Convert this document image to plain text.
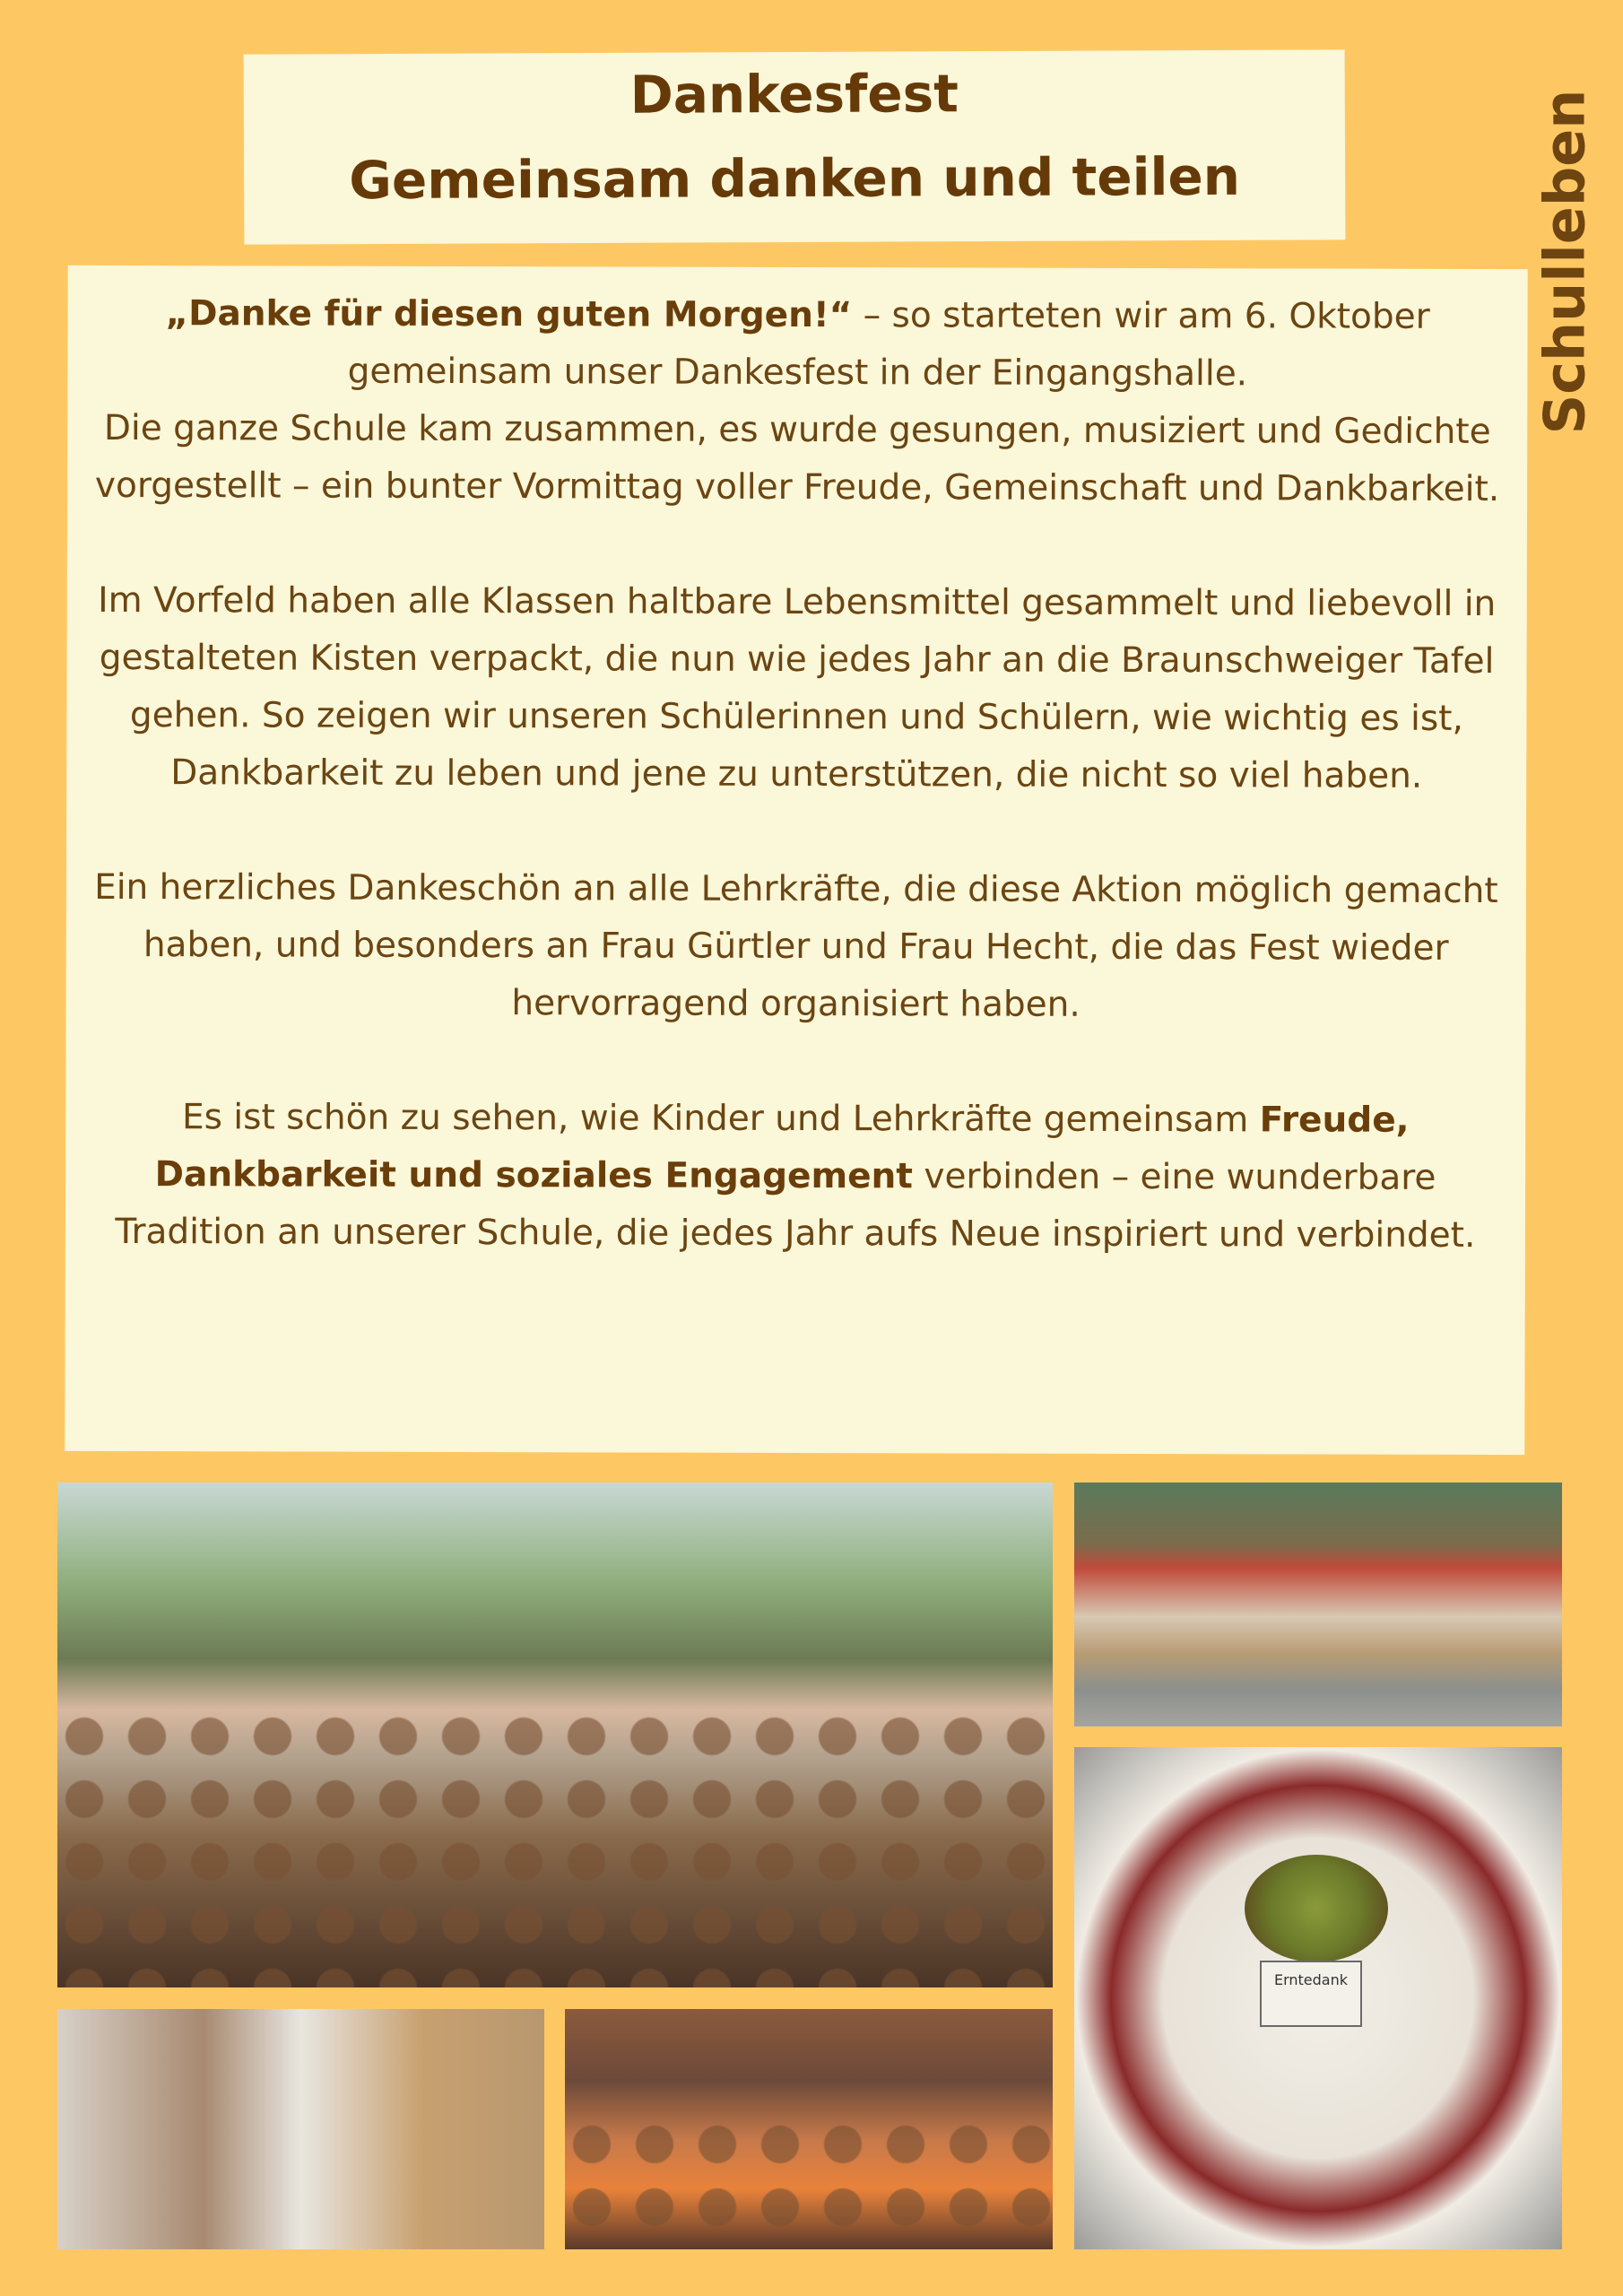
Dankesfest
Gemeinsam danken und teilen	Schulleben

„Danke für diesen guten Morgen!“ – so starteten wir am 6. Oktober gemeinsam unser Dankesfest in der Eingangshalle.
Die ganze Schule kam zusammen, es wurde gesungen, musiziert und Gedichte vorgestellt – ein bunter Vormittag voller Freude, Gemeinschaft und Dankbarkeit.

Im Vorfeld haben alle Klassen haltbare Lebensmittel gesammelt und liebevoll in gestalteten Kisten verpackt, die nun wie jedes Jahr an die Braunschweiger Tafel gehen. So zeigen wir unseren Schülerinnen und Schülern, wie wichtig es ist, Dankbarkeit zu leben und jene zu unterstützen, die nicht so viel haben.

Ein herzliches Dankeschön an alle Lehrkräfte, die diese Aktion möglich gemacht haben, und besonders an Frau Gürtler und Frau Hecht, die das Fest wieder hervorragend organisiert haben.

Es ist schön zu sehen, wie Kinder und Lehrkräfte gemeinsam Freude, Dankbarkeit und soziales Engagement verbinden – eine wunderbare Tradition an unserer Schule, die jedes Jahr aufs Neue inspiriert und verbindet.

Erntedank
